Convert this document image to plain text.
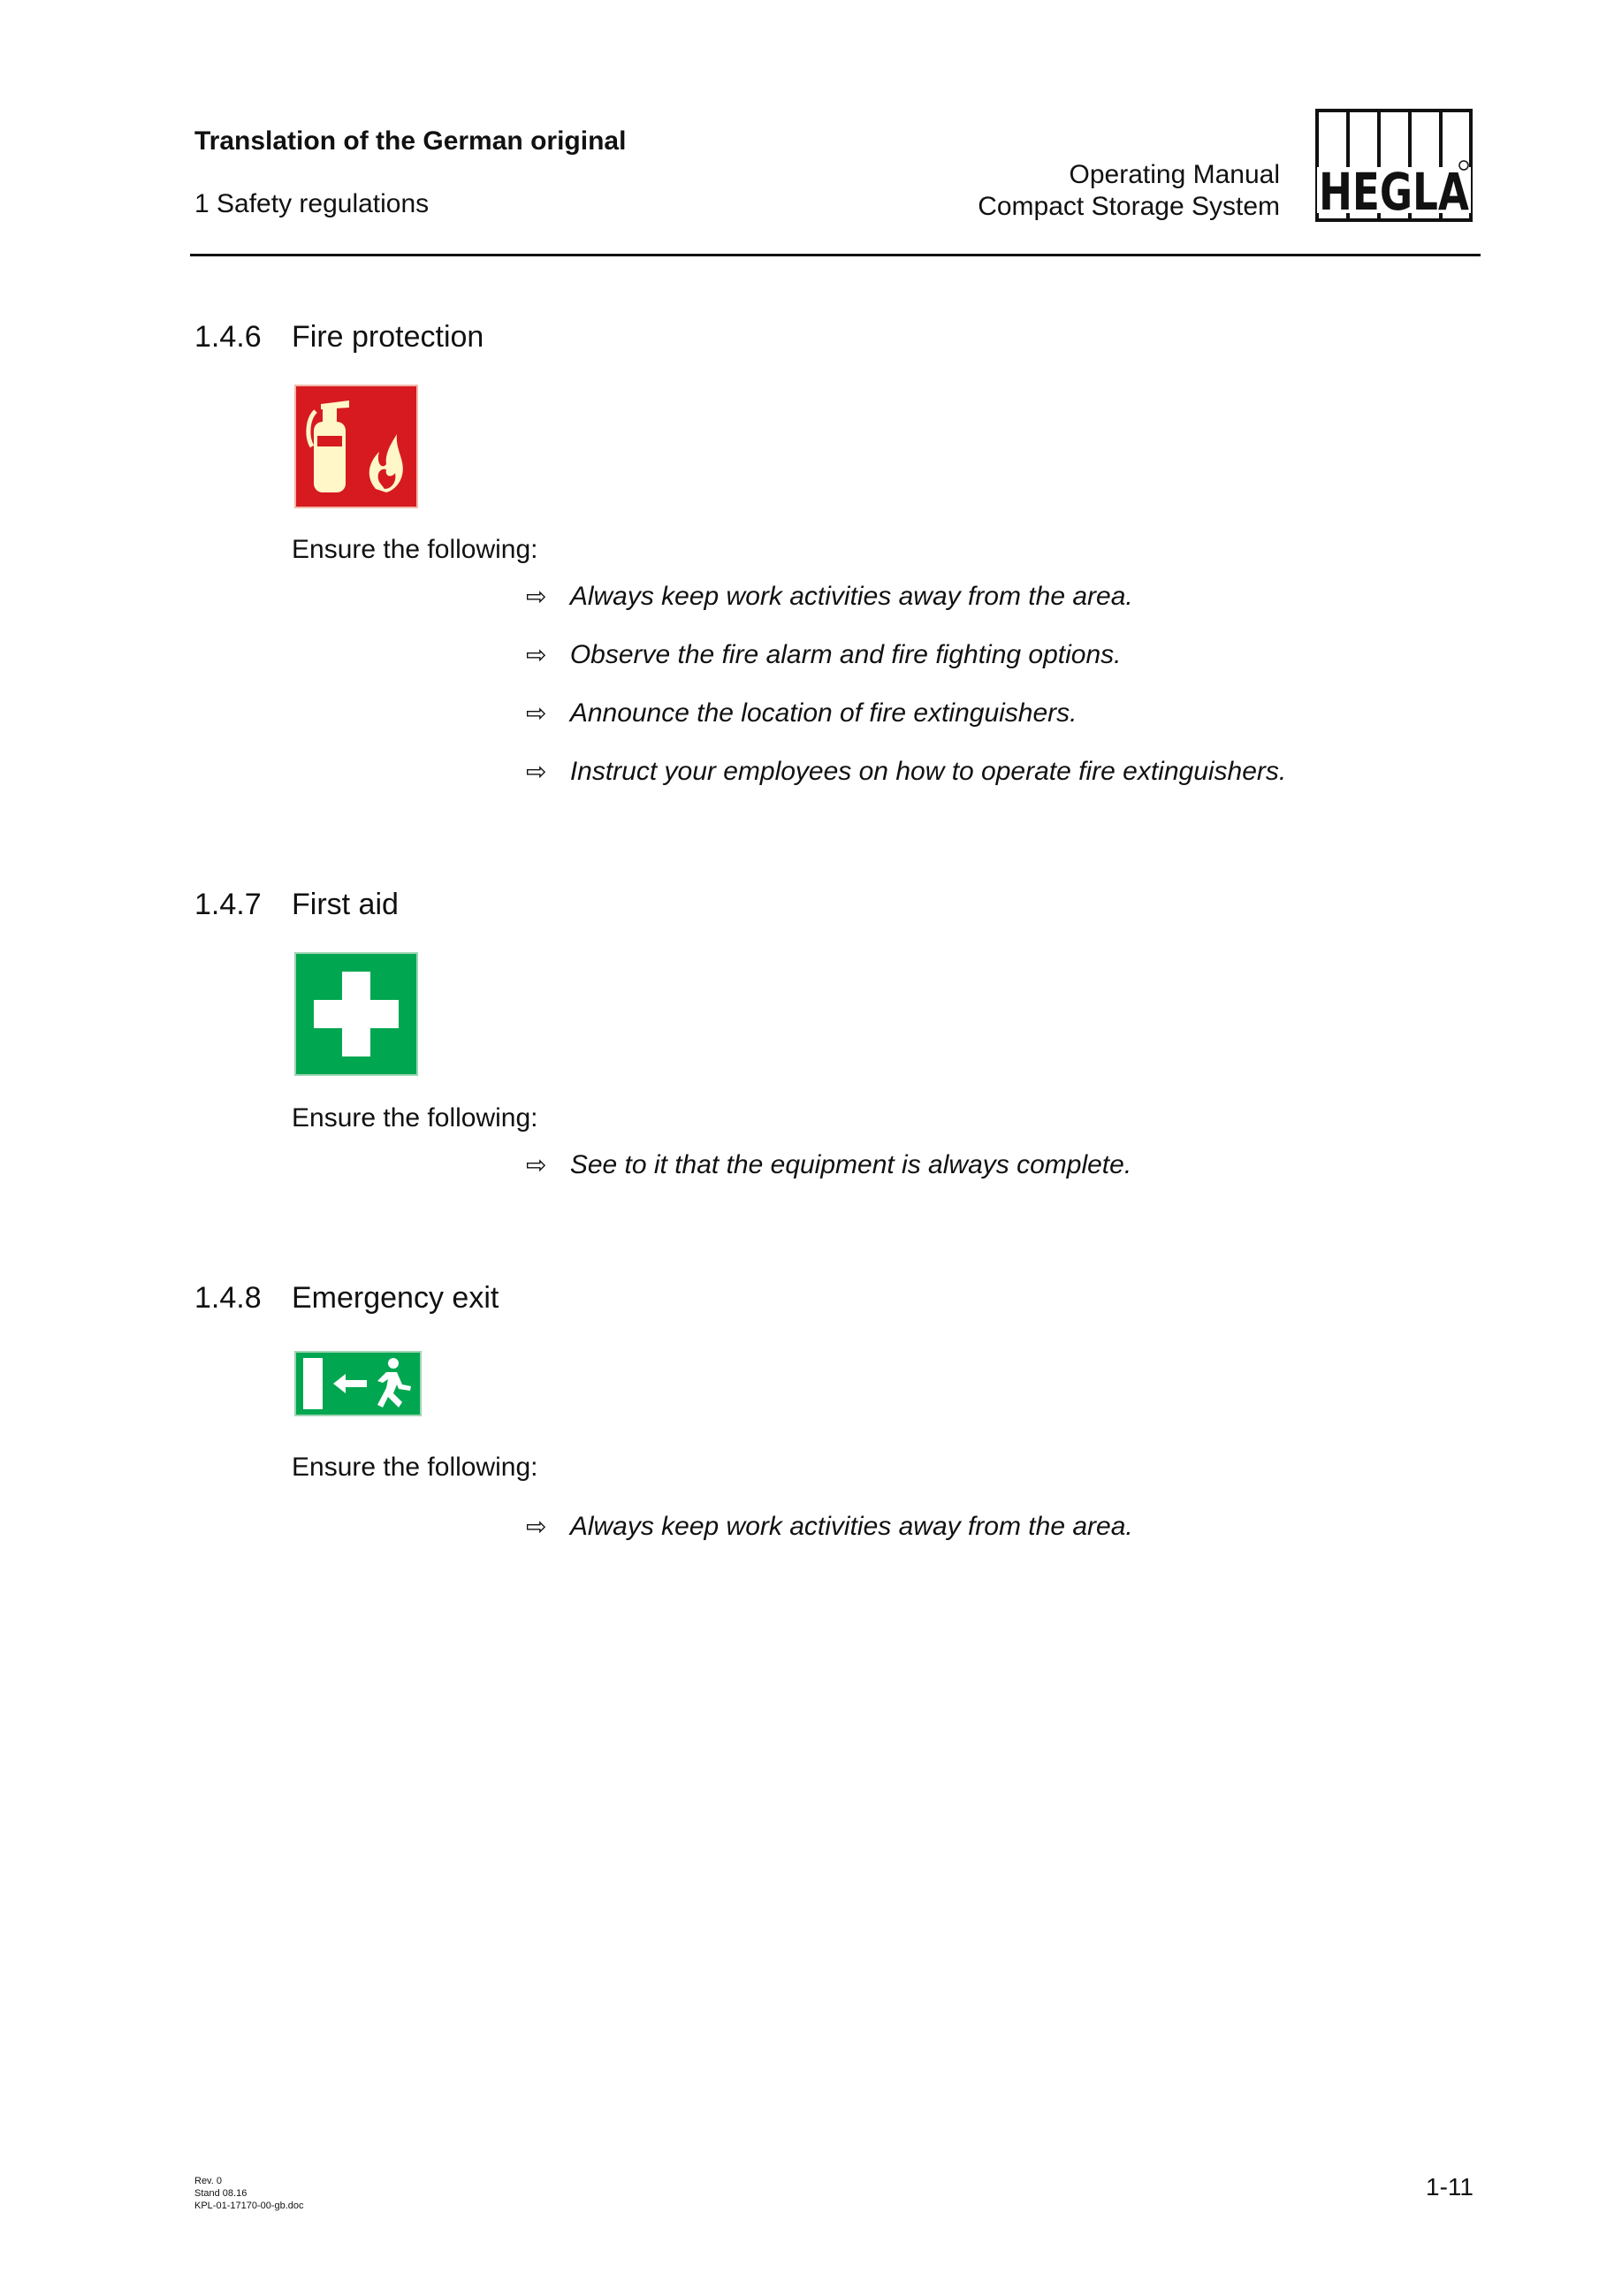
Translation of the German original
1 Safety regulations
Operating Manual
Compact Storage System HEGLA
1.4.6 Fire protection
Ensure the following:
⇨ Always keep work activities away from the area.
⇨ Observe the fire alarm and fire fighting options.
⇨ Announce the location of fire extinguishers.
⇨ Instruct your employees on how to operate fire extinguishers.
1.4.7 First aid
Ensure the following:
⇨ See to it that the equipment is always complete.
1.4.8 Emergency exit
Ensure the following:
⇨ Always keep work activities away from the area.
Rev. 0
Stand 08.16
KPL-01-17170-00-gb.doc
1-11
